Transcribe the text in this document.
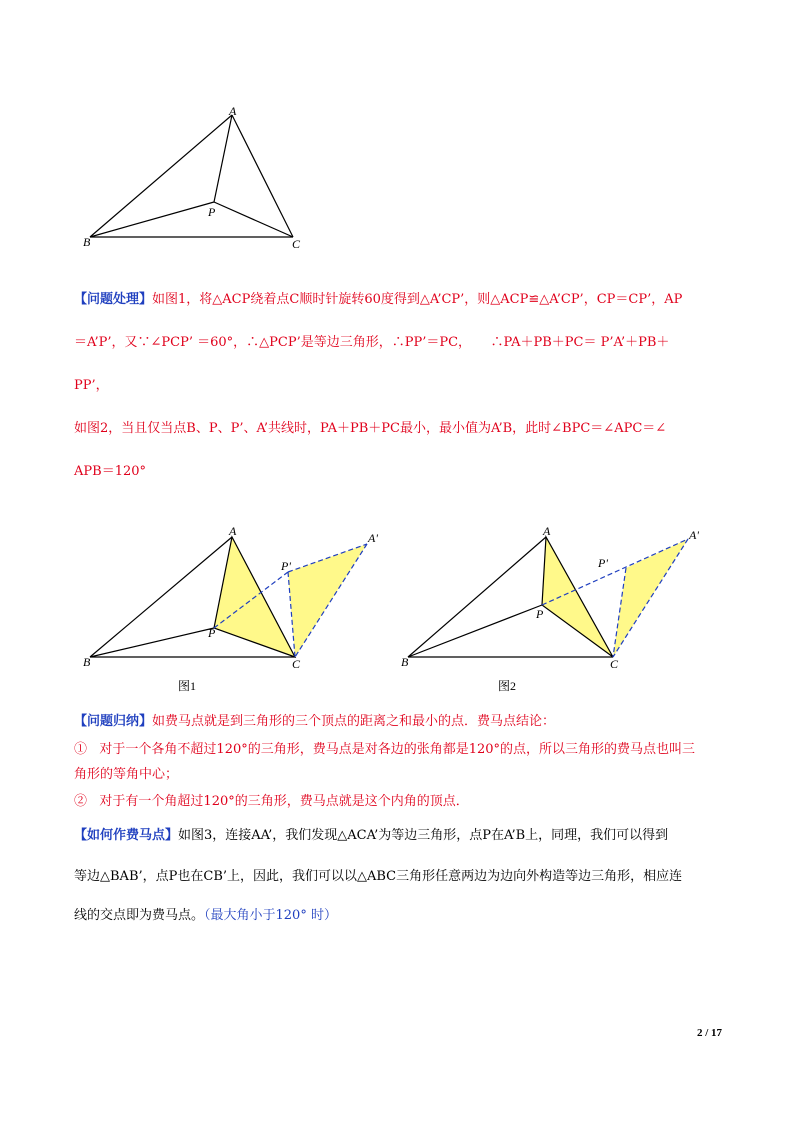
A
P
B	C
【问题处理】如图1，将△ACP绕着点C顺时针旋转60度得到△A’CP’，则△ACP≌△A’CP’，CP＝CP’，AP
＝A’P’，又∵∠PCP’ ＝60°，∴△PCP’是等边三角形，∴PP’＝PC，　　∴PA＋PB＋PC＝ P’A’＋PB＋
PP’，
如图2，当且仅当点B、P、P’、A’共线时，PA＋PB＋PC最小，最小值为A’B，此时∠BPC＝∠APC＝∠
APB＝120°
A	A'
P'
P
B	C
图1
A	A'
P'
P
B	C
图2
【问题归纳】如费马点就是到三角形的三个顶点的距离之和最小的点．费马点结论：
① 对于一个各角不超过120°的三角形，费马点是对各边的张角都是120°的点，所以三角形的费马点也叫三
角形的等角中心；
② 对于有一个角超过120°的三角形，费马点就是这个内角的顶点．
【如何作费马点】如图3，连接AA’，我们发现△ACA’为等边三角形，点P在A’B上，同理，我们可以得到
等边△BAB’，点P也在CB’上，因此，我们可以以△ABC三角形任意两边为边向外构造等边三角形，相应连
线的交点即为费马点。（最大角小于120° 时）
2 / 17
